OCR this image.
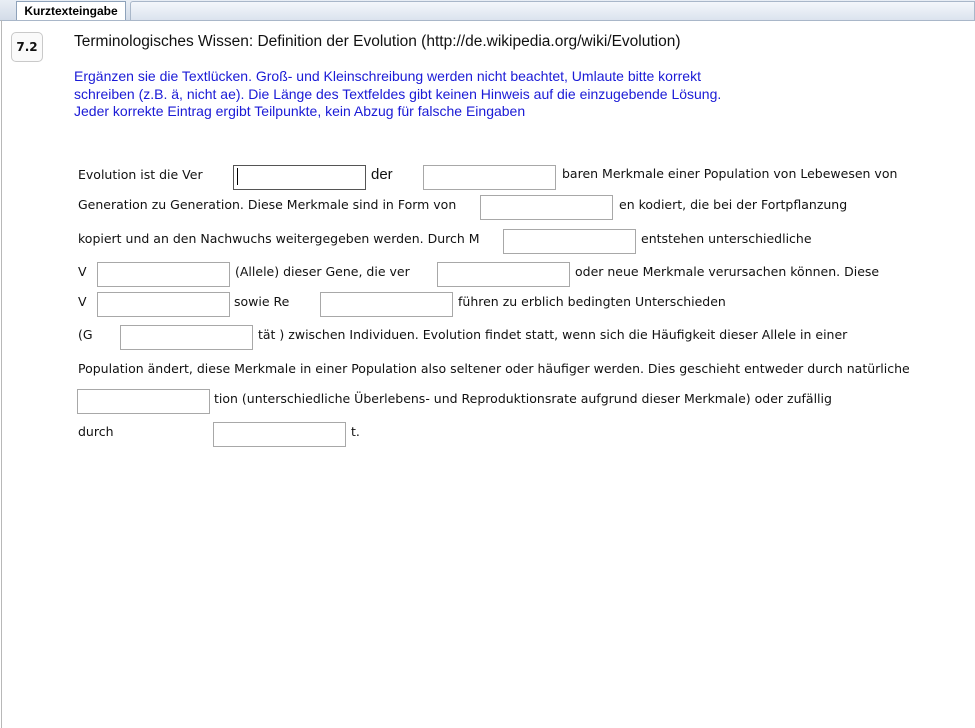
Kurztexteingabe
7.2	Terminologisches Wissen: Definition der Evolution (http://de.wikipedia.org/wiki/Evolution)
Ergänzen sie die Textlücken. Groß- und Kleinschreibung werden nicht beachtet, Umlaute bitte korrekt
schreiben (z.B. ä, nicht ae). Die Länge des Textfeldes gibt keinen Hinweis auf die einzugebende Lösung.
Jeder korrekte Eintrag ergibt Teilpunkte, kein Abzug für falsche Eingaben
Evolution ist die Ver	der	baren Merkmale einer Population von Lebewesen von
Generation zu Generation. Diese Merkmale sind in Form von	en kodiert, die bei der Fortpflanzung
kopiert und an den Nachwuchs weitergegeben werden. Durch M	entstehen unterschiedliche
V	(Allele) dieser Gene, die ver	oder neue Merkmale verursachen können. Diese
V	sowie Re	führen zu erblich bedingten Unterschieden
(G	tät ) zwischen Individuen. Evolution findet statt, wenn sich die Häufigkeit dieser Allele in einer
Population ändert, diese Merkmale in einer Population also seltener oder häufiger werden. Dies geschieht entweder durch natürliche
tion (unterschiedliche Überlebens- und Reproduktionsrate aufgrund dieser Merkmale) oder zufällig
durch	t.
